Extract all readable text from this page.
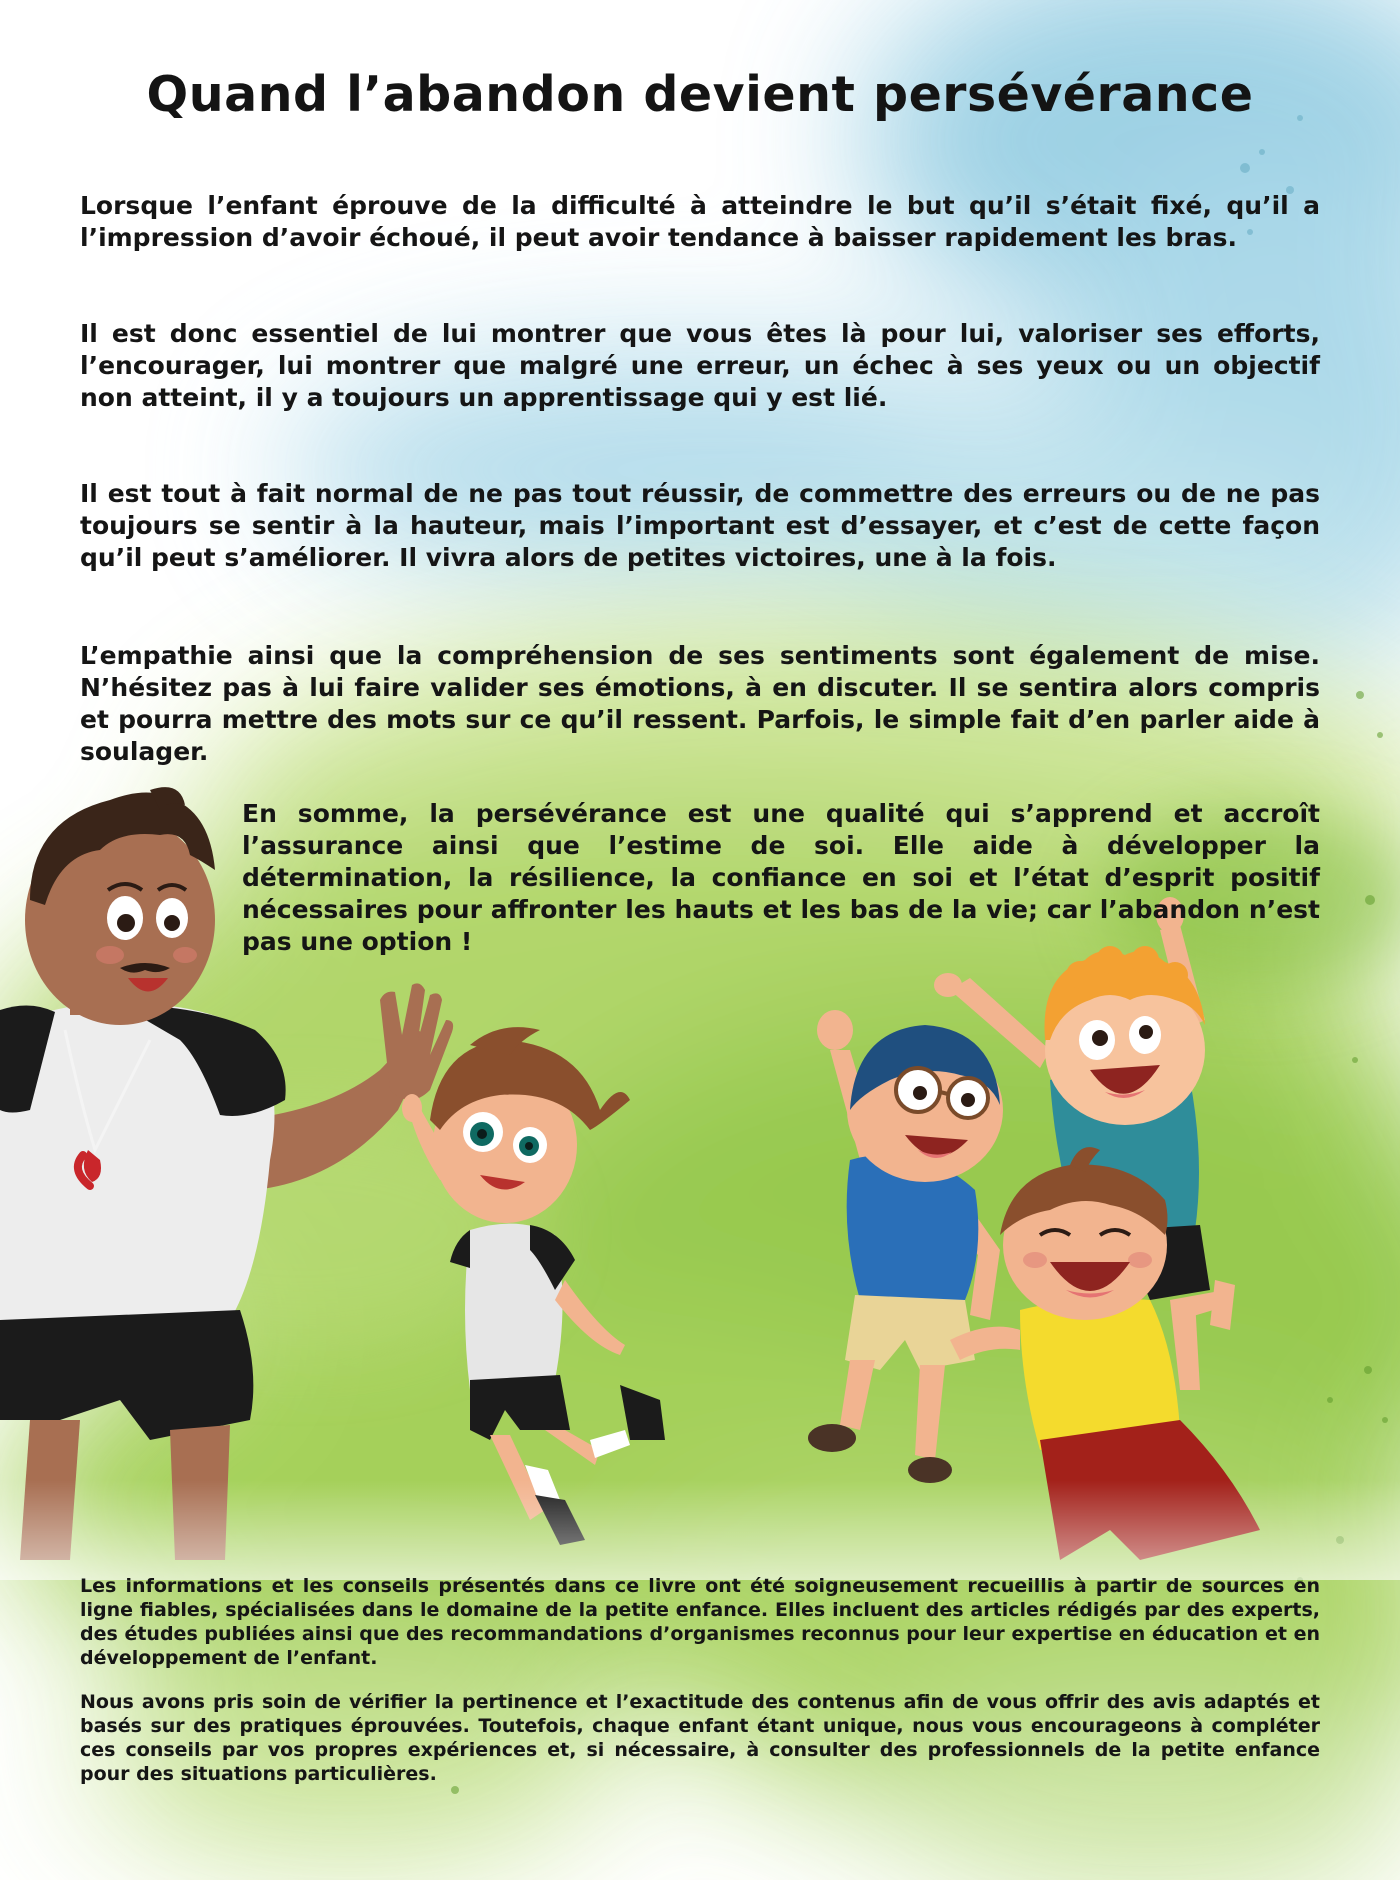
Quand l’abandon devient persévérance

Lorsque l’enfant éprouve de la difficulté à atteindre le but qu’il s’était fixé, qu’il a l’impression d’avoir échoué, il peut avoir tendance à baisser rapidement les bras.

Il est donc essentiel de lui montrer que vous êtes là pour lui, valoriser ses efforts, l’encourager, lui montrer que malgré une erreur, un échec à ses yeux ou un objectif non atteint, il y a toujours un apprentissage qui y est lié.

Il est tout à fait normal de ne pas tout réussir, de commettre des erreurs ou de ne pas toujours se sentir à la hauteur, mais l’important est d’essayer, et c’est de cette façon qu’il peut s’améliorer. Il vivra alors de petites victoires, une à la fois.

L’empathie ainsi que la compréhension de ses sentiments sont également de mise. N’hésitez pas à lui faire valider ses émotions, à en discuter. Il se sentira alors compris et pourra mettre des mots sur ce qu’il ressent. Parfois, le simple fait d’en parler aide à soulager.

En somme, la persévérance est une qualité qui s’apprend et accroît l’assurance ainsi que l’estime de soi. Elle aide à développer la détermination, la résilience, la confiance en soi et l’état d’esprit positif nécessaires pour affronter les hauts et les bas de la vie; car l’abandon n’est pas une option !

Les informations et les conseils présentés dans ce livre ont été soigneusement recueillis à partir de sources en ligne fiables, spécialisées dans le domaine de la petite enfance. Elles incluent des articles rédigés par des experts, des études publiées ainsi que des recommandations d’organismes reconnus pour leur expertise en éducation et en développement de l’enfant.

Nous avons pris soin de vérifier la pertinence et l’exactitude des contenus afin de vous offrir des avis adaptés et basés sur des pratiques éprouvées. Toutefois, chaque enfant étant unique, nous vous encourageons à compléter ces conseils par vos propres expériences et, si nécessaire, à consulter des professionnels de la petite enfance pour des situations particulières.
